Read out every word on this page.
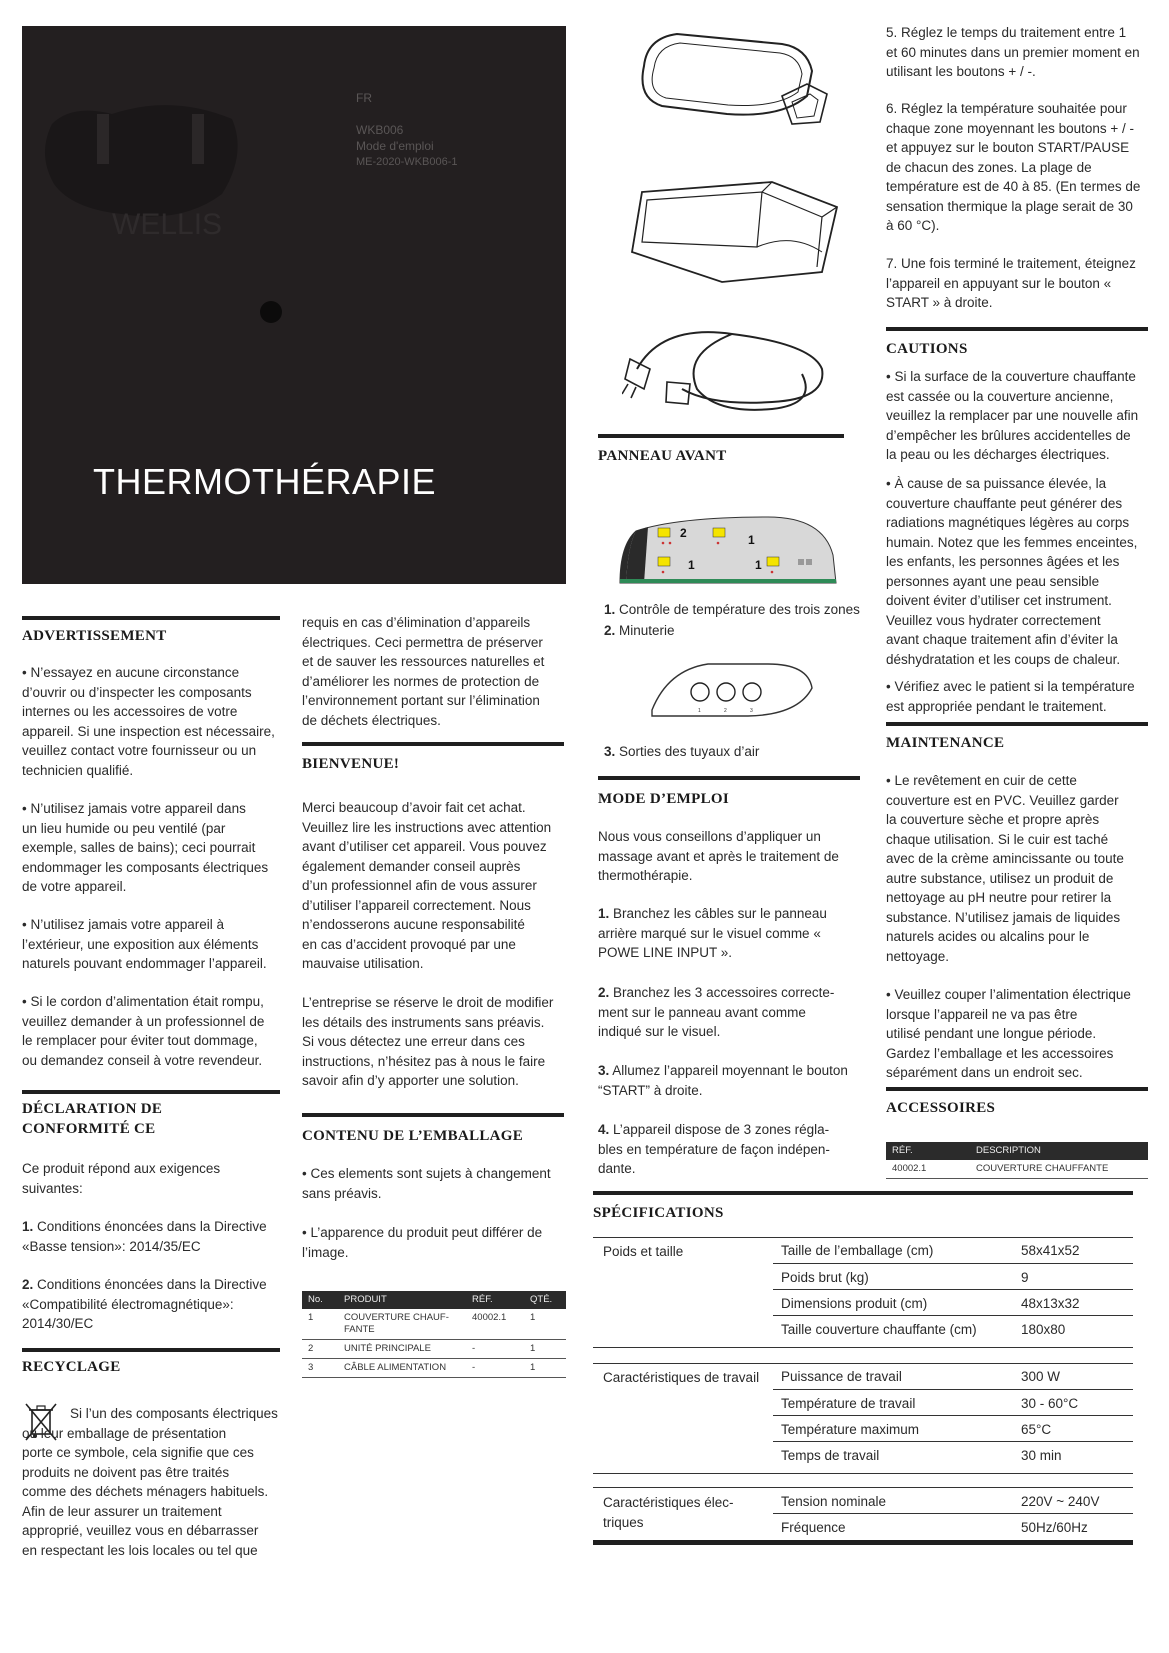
WELLIS
FR
WKB006
Mode d'emploi
ME-2020-WKB006-1
THERMOTHÉRAPIE
ADVERTISSEMENT

• N’essayez en aucune circonstance
d’ouvrir ou d’inspecter les composants
internes ou les accessoires de votre
appareil. Si une inspection est nécessaire,
veuillez contact votre fournisseur ou un
technicien qualifié.

• N’utilisez jamais votre appareil dans
un lieu humide ou peu ventilé (par
exemple, salles de bains); ceci pourrait
endommager les composants électriques
de votre appareil.

• N’utilisez jamais votre appareil à
l’extérieur, une exposition aux éléments
naturels pouvant endommager l’appareil.

• Si le cordon d’alimentation était rompu,
veuillez demander à un professionnel de
le remplacer pour éviter tout dommage,
ou demandez conseil à votre revendeur.

DÉCLARATION DE
CONFORMITÉ CE

Ce produit répond aux exigences
suivantes:

1. Conditions énoncées dans la Directive
«Basse tension»: 2014/35/EC

2. Conditions énoncées dans la Directive
«Compatibilité électromagnétique»:
2014/30/EC

RECYCLAGE

Si l’un des composants électriques
ou leur emballage de présentation
porte ce symbole, cela signifie que ces
produits ne doivent pas être traités
comme des déchets ménagers habituels.
Afin de leur assurer un traitement
approprié, veuillez vous en débarrasser
en respectant les lois locales ou tel que

requis en cas d’élimination d’appareils
électriques. Ceci permettra de préserver
et de sauver les ressources naturelles et
d’améliorer les normes de protection de
l’environnement portant sur l’élimination
de déchets électriques.

BIENVENUE!

Merci beaucoup d’avoir fait cet achat.
Veuillez lire les instructions avec attention
avant d’utiliser cet appareil. Vous pouvez
également demander conseil auprès
d’un professionnel afin de vous assurer
d’utiliser l’appareil correctement. Nous
n’endosserons aucune responsabilité
en cas d’accident provoqué par une
mauvaise utilisation.

L’entreprise se réserve le droit de modifier
les détails des instruments sans préavis.
Si vous détectez une erreur dans ces
instructions, n’hésitez pas à nous le faire
savoir afin d’y apporter une solution.

CONTENU DE L’EMBALLAGE

• Ces elements sont sujets à changement
sans préavis.

• L’apparence du produit peut différer de
l’image.

No.	PRODUIT	RÉF.	QTÉ.
1	COUVERTURE CHAUF-
FANTE	40002.1	1
2	UNITÉ PRINCIPALE	-	1
3	CÂBLE ALIMENTATION	-	1
PANNEAU AVANT
2	1
1	1

1. Contrôle de température des trois zones

2. Minuterie

1	2	3

3. Sorties des tuyaux d’air

MODE D’EMPLOI

Nous vous conseillons d’appliquer un
massage avant et après le traitement de
thermothérapie.

1. Branchez les câbles sur le panneau
arrière marqué sur le visuel comme «
POWE LINE INPUT ».

2. Branchez les 3 accessoires correcte-
ment sur le panneau avant comme
indiqué sur le visuel.

3. Allumez l’appareil moyennant le bouton
“START” à droite.

4. L’appareil dispose de 3 zones régla-
bles en température de façon indépen-
dante.

5. Réglez le temps du traitement entre 1
et 60 minutes dans un premier moment en
utilisant les boutons + / -.

6. Réglez la température souhaitée pour
chaque zone moyennant les boutons + / -
et appuyez sur le bouton START/PAUSE
de chacun des zones. La plage de
température est de 40 à 85. (En termes de
sensation thermique la plage serait de 30
à 60 °C).

7. Une fois terminé le traitement, éteignez
l’appareil en appuyant sur le bouton «
START » à droite.

CAUTIONS

• Si la surface de la couverture chauffante
est cassée ou la couverture ancienne,
veuillez la remplacer par une nouvelle afin
d’empêcher les brûlures accidentelles de
la peau ou les décharges électriques.

• À cause de sa puissance élevée, la
couverture chauffante peut générer des
radiations magnétiques légères au corps
humain. Notez que les femmes enceintes,
les enfants, les personnes âgées et les
personnes ayant une peau sensible
doivent éviter d’utiliser cet instrument.
Veuillez vous hydrater correctement
avant chaque traitement afin d’éviter la
déshydratation et les coups de chaleur.

• Vérifiez avec le patient si la température
est appropriée pendant le traitement.

MAINTENANCE

• Le revêtement en cuir de cette
couverture est en PVC. Veuillez garder
la couverture sèche et propre après
chaque utilisation. Si le cuir est taché
avec de la crème amincissante ou toute
autre substance, utilisez un produit de
nettoyage au pH neutre pour retirer la
substance. N’utilisez jamais de liquides
naturels acides ou alcalins pour le
nettoyage.

• Veuillez couper l’alimentation électrique
lorsque l’appareil ne va pas être
utilisé pendant une longue période.
Gardez l’emballage et les accessoires
séparément dans un endroit sec.

ACCESSOIRES
RÉF.	DESCRIPTION
40002.1	COUVERTURE CHAUFFANTE
SPÉCIFICATIONS
Poids et taille	Taille de l’emballage (cm)	58x41x52
Poids brut (kg)	9
Dimensions produit (cm)	48x13x32
Taille couverture chauffante (cm)	180x80
Caractéristiques de travail	Puissance de travail	300 W
Température de travail	30 - 60°C
Température maximum	65°C
Temps de travail	30 min
Caractéristiques élec-
triques
Tension nominale	220V ~ 240V
Fréquence	50Hz/60Hz
